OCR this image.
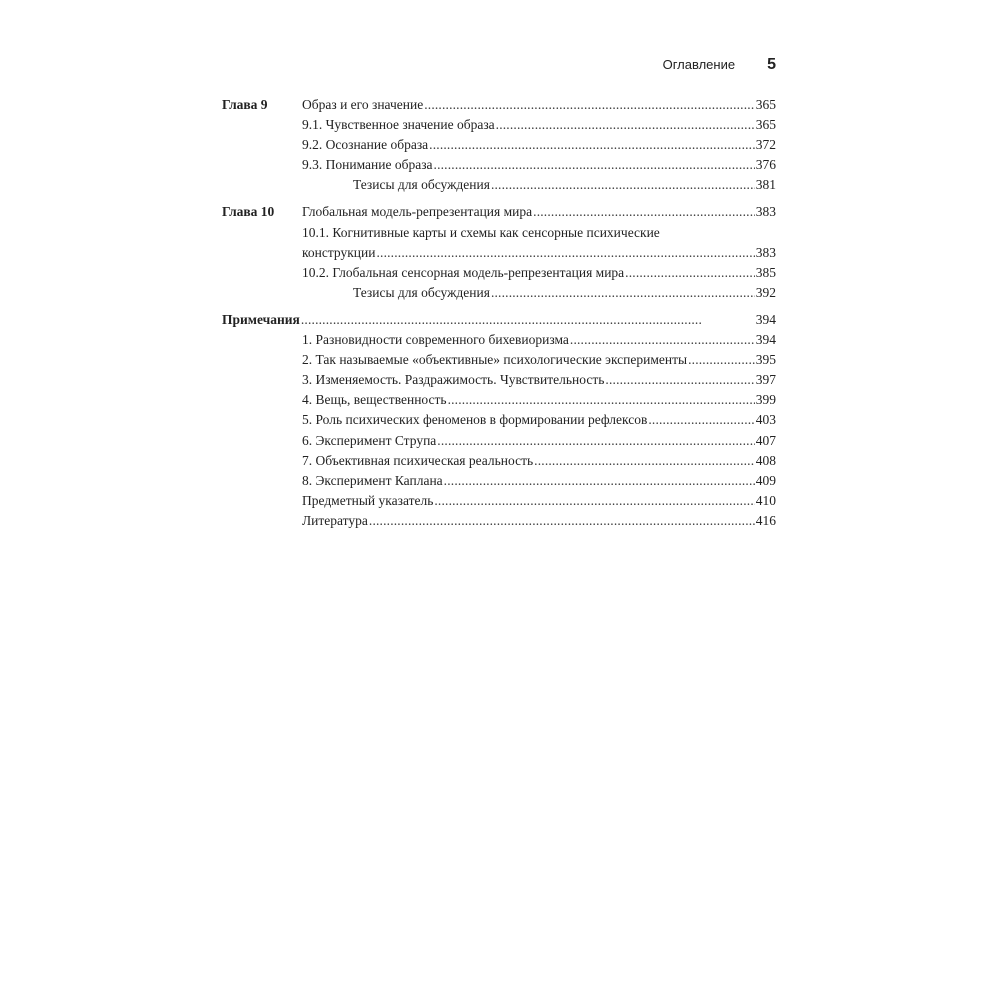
Оглавление 5
Глава 9	Образ и его значение . . .	365
9.1. Чувственное значение образа . . .	365
9.2. Осознание образа . . .	372
9.3. Понимание образа . . .	376
Тезисы для обсуждения . . .	381
Глава 10 Глобальная модель-репрезентация мира . . .	383
10.1. Когнитивные карты и схемы как сенсорные психические
конструкции . . .	383
10.2. Глобальная сенсорная модель-репрезентация мира . . .	385
Тезисы для обсуждения . . .	392
Примечания . . .	394
1. Разновидности современного бихевиоризма . . .	394
2. Так называемые «объективные» психологические эксперименты . . .	395
3. Изменяемость. Раздражимость. Чувствительность . . .	397
4. Вещь, вещественность . . .	399
5. Роль психических феноменов в формировании рефлексов . . .	403
6. Эксперимент Струпа . . .	407
7. Объективная психическая реальность . . .	408
8. Эксперимент Каплана . . .	409
Предметный указатель . . .	410
Литература . . .	416
